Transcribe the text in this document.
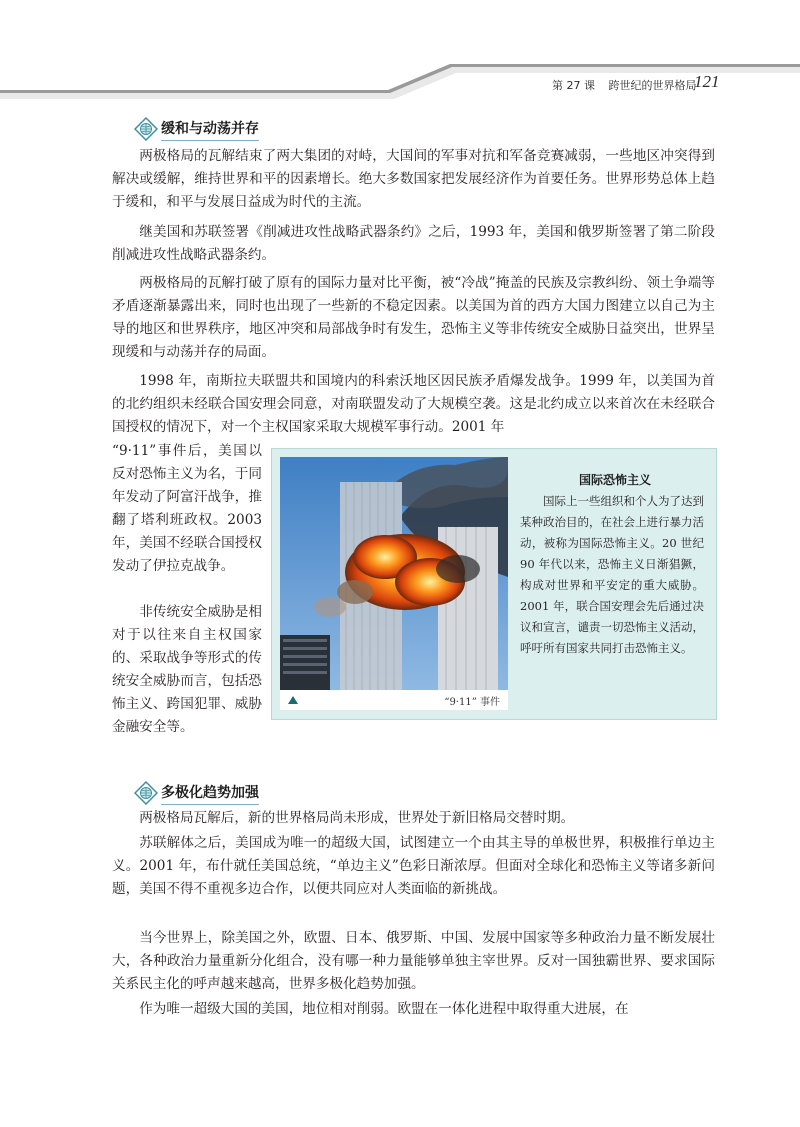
第 27 课 跨世纪的世界格局
121
缓和与动荡并存

两极格局的瓦解结束了两大集团的对峙，大国间的军事对抗和军备竞赛减弱，一些地区冲突得到解决或缓解，维持世界和平的因素增长。绝大多数国家把发展经济作为首要任务。世界形势总体上趋于缓和，和平与发展日益成为时代的主流。

继美国和苏联签署《削减进攻性战略武器条约》之后，1993 年，美国和俄罗斯签署了第二阶段削减进攻性战略武器条约。

两极格局的瓦解打破了原有的国际力量对比平衡，被“冷战”掩盖的民族及宗教纠纷、领土争端等矛盾逐渐暴露出来，同时也出现了一些新的不稳定因素。以美国为首的西方大国力图建立以自己为主导的地区和世界秩序，地区冲突和局部战争时有发生，恐怖主义等非传统安全威胁日益突出，世界呈现缓和与动荡并存的局面。

1998 年，南斯拉夫联盟共和国境内的科索沃地区因民族矛盾爆发战争。1999 年，以美国为首的北约组织未经联合国安理会同意，对南联盟发动了大规模空袭。这是北约成立以来首次在未经联合国授权的情况下，对一个主权国家采取大规模军事行动。2001 年

“9·11”事件后，美国以反对恐怖主义为名，于同年发动了阿富汗战争，推翻了塔利班政权。2003 年，美国不经联合国授权发动了伊拉克战争。

非传统安全威胁是相对于以往来自主权国家的、采取战争等形式的传统安全威胁而言，包括恐怖主义、跨国犯罪、威胁金融安全等。

“9·11” 事件
国际恐怖主义

国际上一些组织和个人为了达到某种政治目的，在社会上进行暴力活动，被称为国际恐怖主义。20 世纪 90 年代以来，恐怖主义日渐猖獗，构成对世界和平安定的重大威胁。2001 年，联合国安理会先后通过决议和宣言，谴责一切恐怖主义活动，呼吁所有国家共同打击恐怖主义。

多极化趋势加强

两极格局瓦解后，新的世界格局尚未形成，世界处于新旧格局交替时期。

苏联解体之后，美国成为唯一的超级大国，试图建立一个由其主导的单极世界，积极推行单边主义。2001 年，布什就任美国总统，“单边主义”色彩日渐浓厚。但面对全球化和恐怖主义等诸多新问题，美国不得不重视多边合作，以便共同应对人类面临的新挑战。

当今世界上，除美国之外，欧盟、日本、俄罗斯、中国、发展中国家等多种政治力量不断发展壮大，各种政治力量重新分化组合，没有哪一种力量能够单独主宰世界。反对一国独霸世界、要求国际关系民主化的呼声越来越高，世界多极化趋势加强。

作为唯一超级大国的美国，地位相对削弱。欧盟在一体化进程中取得重大进展，在
